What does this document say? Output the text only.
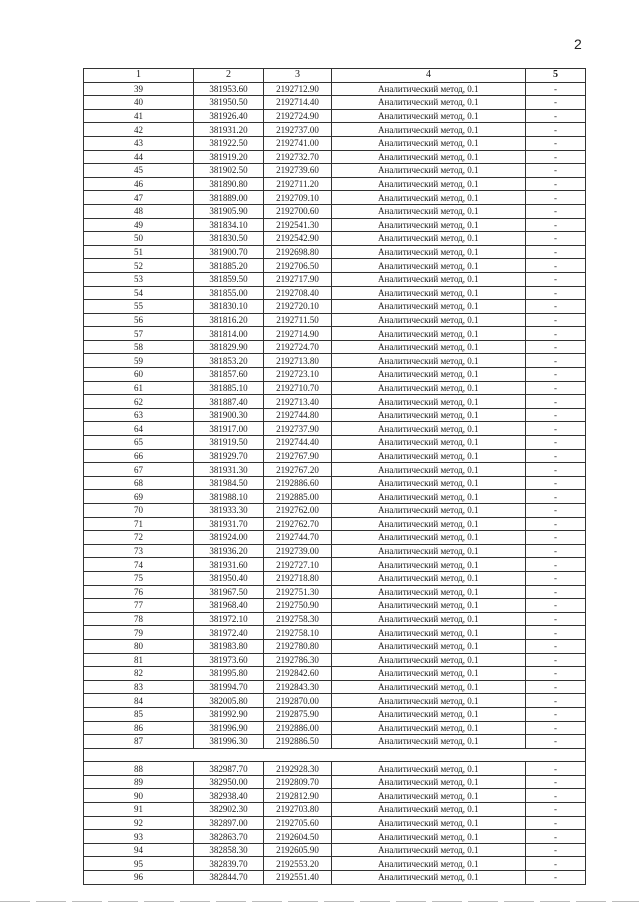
2
1	2	3	4	5
39	381953.60	2192712.90	Аналитический метод, 0.1	-
40	381950.50	2192714.40	Аналитический метод, 0.1	-
41	381926.40	2192724.90	Аналитический метод, 0.1	-
42	381931.20	2192737.00	Аналитический метод, 0.1	-
43	381922.50	2192741.00	Аналитический метод, 0.1	-
44	381919.20	2192732.70	Аналитический метод, 0.1	-
45	381902.50	2192739.60	Аналитический метод, 0.1	-
46	381890.80	2192711.20	Аналитический метод, 0.1	-
47	381889.00	2192709.10	Аналитический метод, 0.1	-
48	381905.90	2192700.60	Аналитический метод, 0.1	-
49	381834.10	2192541.30	Аналитический метод, 0.1	-
50	381830.50	2192542.90	Аналитический метод, 0.1	-
51	381900.70	2192698.80	Аналитический метод, 0.1	-
52	381885.20	2192706.50	Аналитический метод, 0.1	-
53	381859.50	2192717.90	Аналитический метод, 0.1	-
54	381855.00	2192708.40	Аналитический метод, 0.1	-
55	381830.10	2192720.10	Аналитический метод, 0.1	-
56	381816.20	2192711.50	Аналитический метод, 0.1	-
57	381814.00	2192714.90	Аналитический метод, 0.1	-
58	381829.90	2192724.70	Аналитический метод, 0.1	-
59	381853.20	2192713.80	Аналитический метод, 0.1	-
60	381857.60	2192723.10	Аналитический метод, 0.1	-
61	381885.10	2192710.70	Аналитический метод, 0.1	-
62	381887.40	2192713.40	Аналитический метод, 0.1	-
63	381900.30	2192744.80	Аналитический метод, 0.1	-
64	381917.00	2192737.90	Аналитический метод, 0.1	-
65	381919.50	2192744.40	Аналитический метод, 0.1	-
66	381929.70	2192767.90	Аналитический метод, 0.1	-
67	381931.30	2192767.20	Аналитический метод, 0.1	-
68	381984.50	2192886.60	Аналитический метод, 0.1	-
69	381988.10	2192885.00	Аналитический метод, 0.1	-
70	381933.30	2192762.00	Аналитический метод, 0.1	-
71	381931.70	2192762.70	Аналитический метод, 0.1	-
72	381924.00	2192744.70	Аналитический метод, 0.1	-
73	381936.20	2192739.00	Аналитический метод, 0.1	-
74	381931.60	2192727.10	Аналитический метод, 0.1	-
75	381950.40	2192718.80	Аналитический метод, 0.1	-
76	381967.50	2192751.30	Аналитический метод, 0.1	-
77	381968.40	2192750.90	Аналитический метод, 0.1	-
78	381972.10	2192758.30	Аналитический метод, 0.1	-
79	381972.40	2192758.10	Аналитический метод, 0.1	-
80	381983.80	2192780.80	Аналитический метод, 0.1	-
81	381973.60	2192786.30	Аналитический метод, 0.1	-
82	381995.80	2192842.60	Аналитический метод, 0.1	-
83	381994.70	2192843.30	Аналитический метод, 0.1	-
84	382005.80	2192870.00	Аналитический метод, 0.1	-
85	381992.90	2192875.90	Аналитический метод, 0.1	-
86	381996.90	2192886.00	Аналитический метод, 0.1	-
87	381996.30	2192886.50	Аналитический метод, 0.1	-

88	382987.70	2192928.30	Аналитический метод, 0.1	-
89	382950.00	2192809.70	Аналитический метод, 0.1	-
90	382938.40	2192812.90	Аналитический метод, 0.1	-
91	382902.30	2192703.80	Аналитический метод, 0.1	-
92	382897.00	2192705.60	Аналитический метод, 0.1	-
93	382863.70	2192604.50	Аналитический метод, 0.1	-
94	382858.30	2192605.90	Аналитический метод, 0.1	-
95	382839.70	2192553.20	Аналитический метод, 0.1	-
96	382844.70	2192551.40	Аналитический метод, 0.1	-
